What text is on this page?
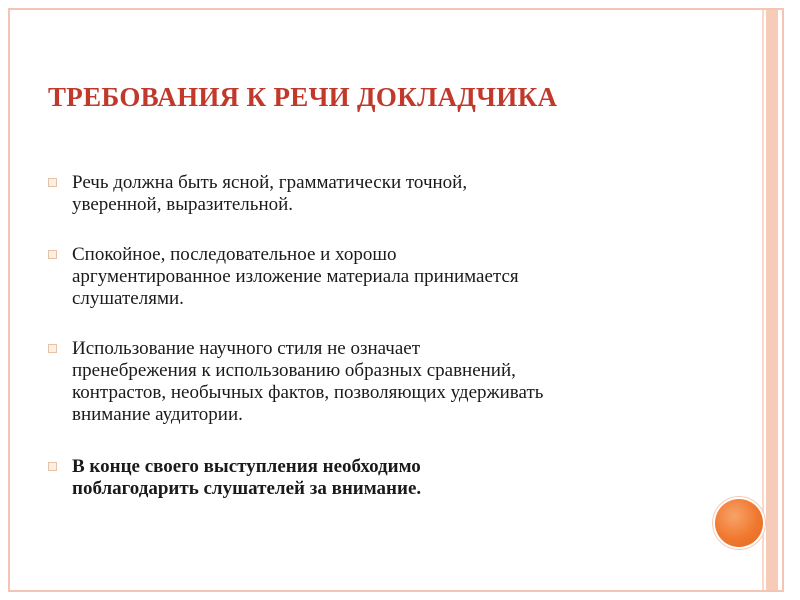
ТРЕБОВАНИЯ К РЕЧИ ДОКЛАДЧИКА
Речь должна быть ясной, грамматически точной,
уверенной, выразительной.
Спокойное, последовательное и хорошо
аргументированное изложение материала принимается
слушателями.
Использование научного стиля не означает
пренебрежения к использованию образных сравнений,
контрастов, необычных фактов, позволяющих удерживать
внимание аудитории.
В конце своего выступления необходимо
поблагодарить слушателей за внимание.
